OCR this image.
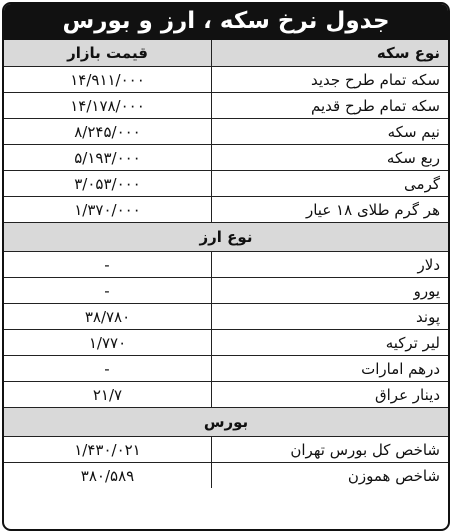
جدول نرخ سکه ، ارز و بورس
نوع سکه	قیمت بازار
سکه تمام طرح جدید	۱۴/۹۱۱/۰۰۰
سکه تمام طرح قدیم	۱۴/۱۷۸/۰۰۰
نیم سکه	۸/۲۴۵/۰۰۰
ربع سکه	۵/۱۹۳/۰۰۰
گرمی	۳/۰۵۳/۰۰۰
هر گرم طلای ۱۸ عیار	۱/۳۷۰/۰۰۰
نوع ارز	
دلار	-
یورو	-
پوند	۳۸/۷۸۰
لیر ترکیه	۱/۷۷۰
درهم امارات	-
دینار عراق	۲۱/۷
بورس	
شاخص کل بورس تهران	۱/۴۳۰/۰۲۱
شاخص هموزن	۳۸۰/۵۸۹
